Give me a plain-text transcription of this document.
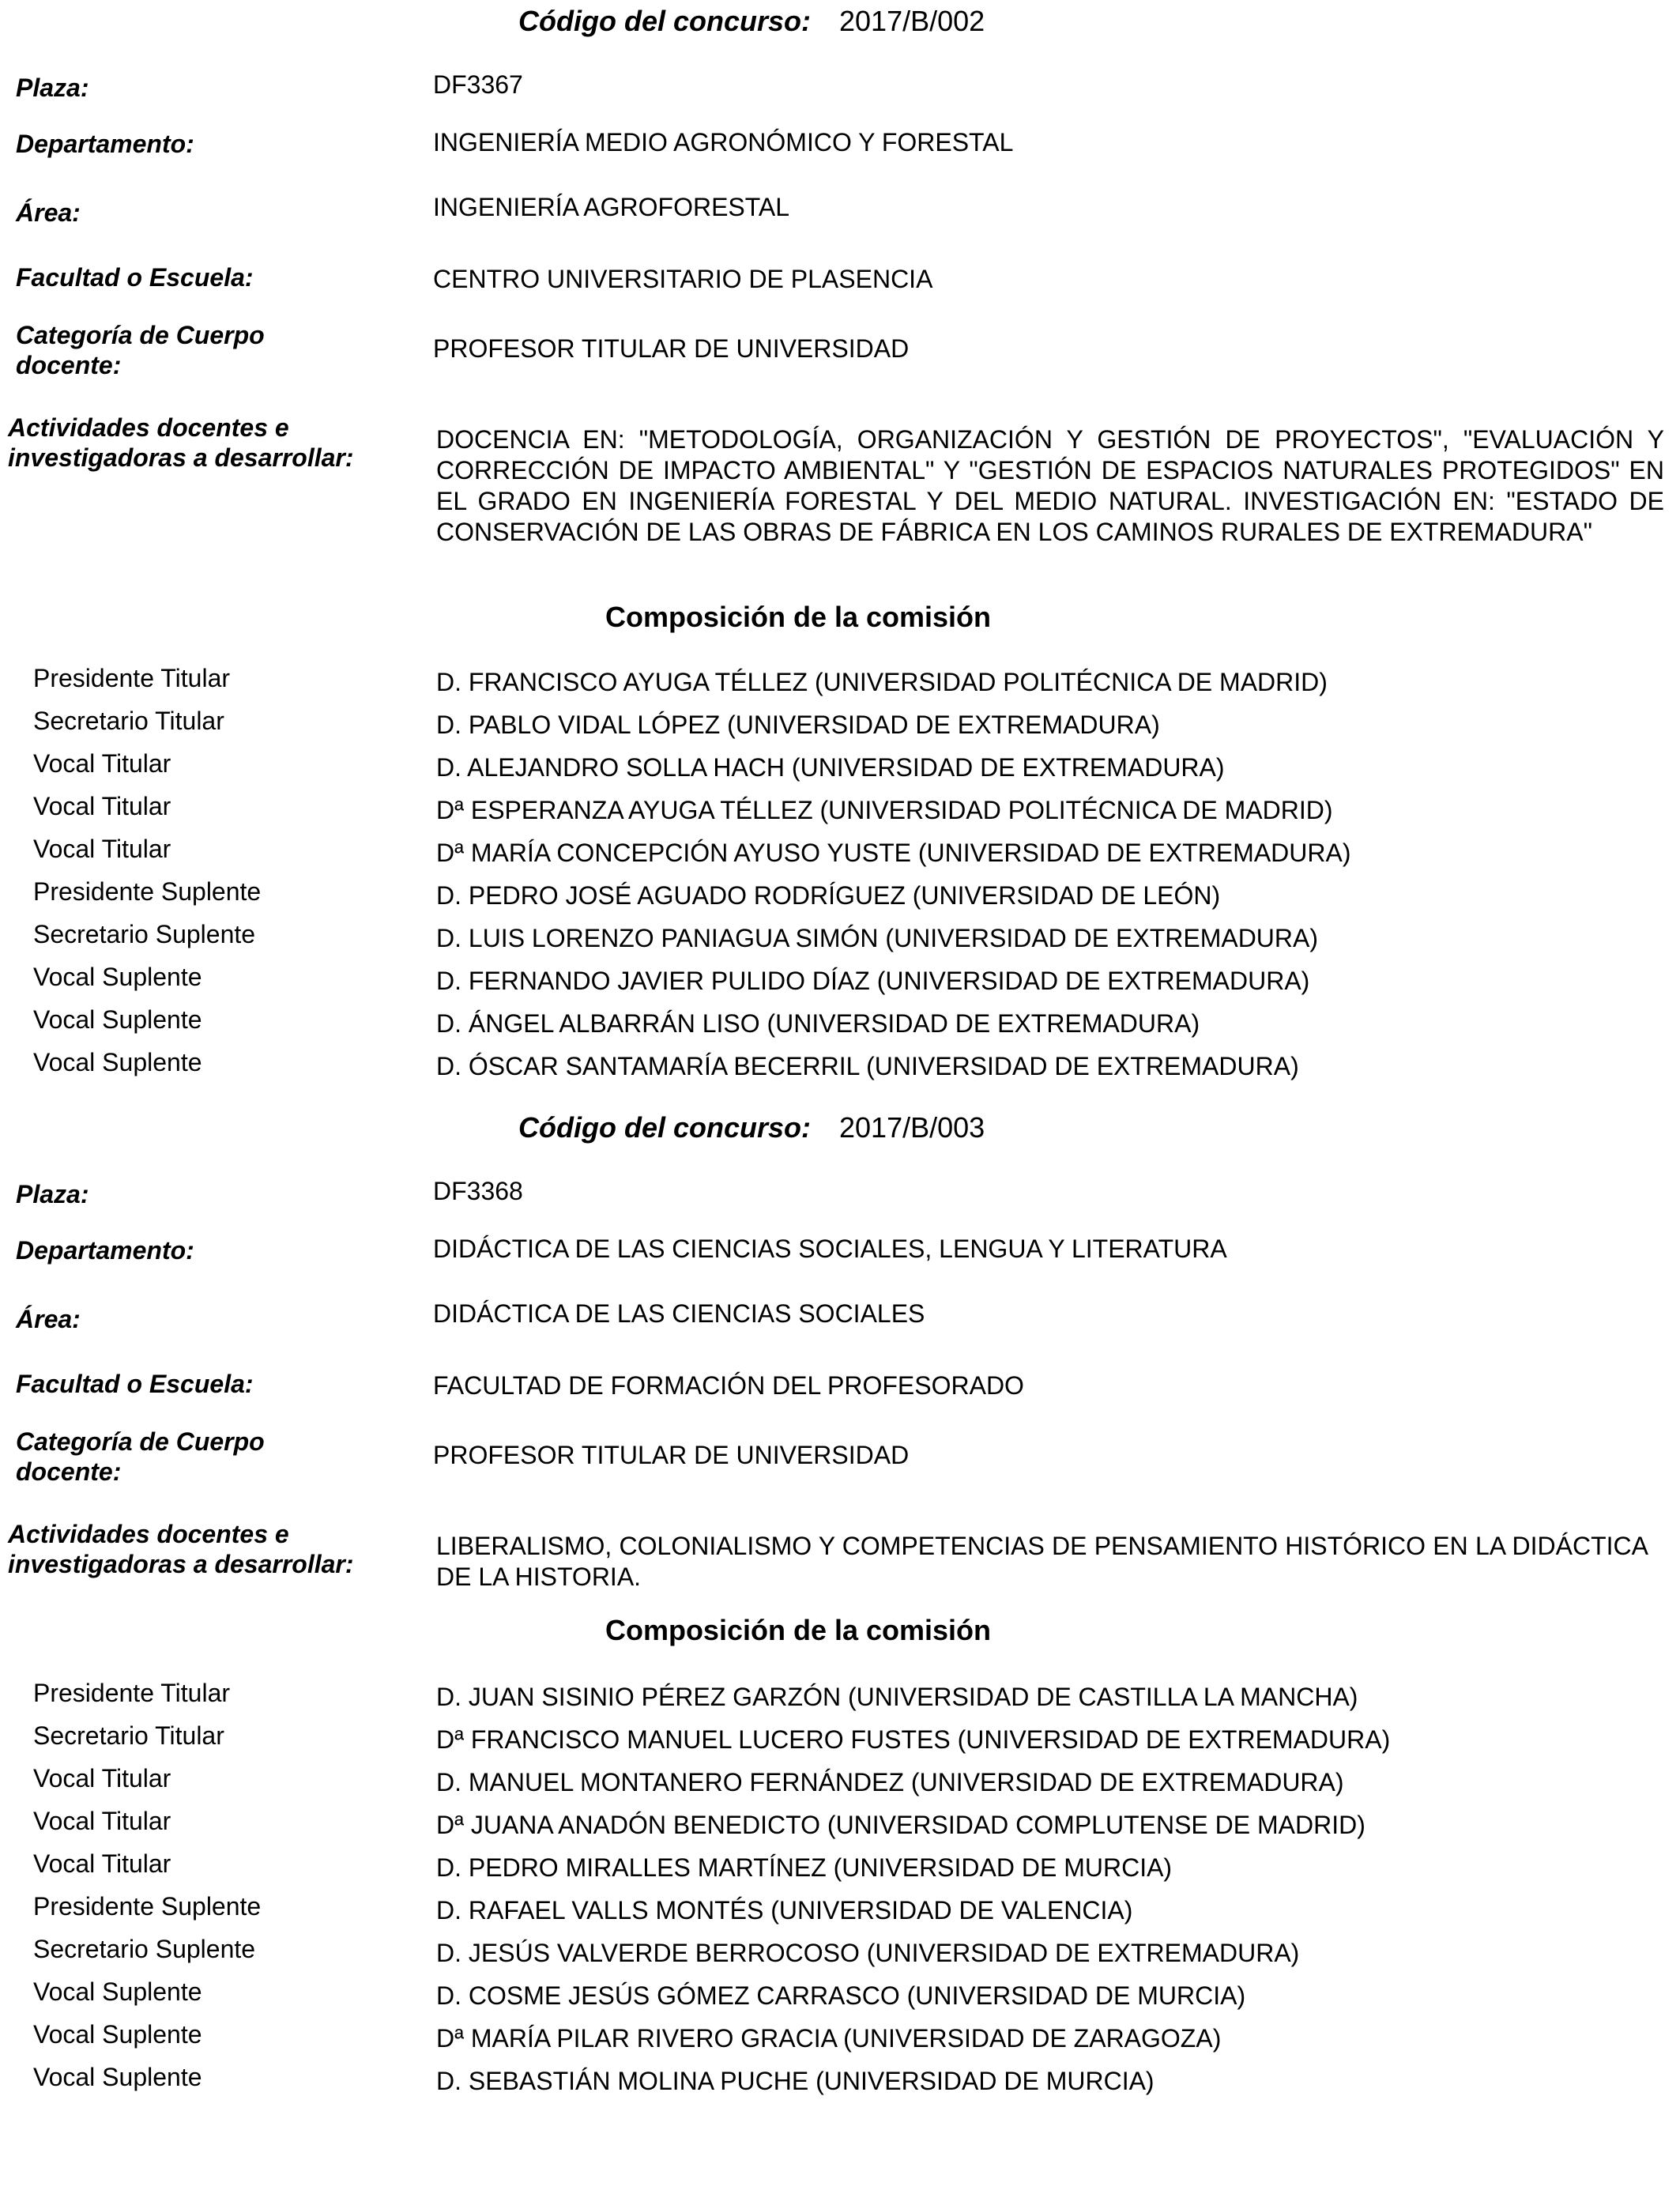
Código del concurso: 2017/B/002
Plaza:	DF3367
Departamento:	INGENIERÍA MEDIO AGRONÓMICO Y FORESTAL
Área:	INGENIERÍA AGROFORESTAL
Facultad o Escuela:	CENTRO UNIVERSITARIO DE PLASENCIA
Categoría de Cuerpo docente:
PROFESOR TITULAR DE UNIVERSIDAD
Actividades docentes e investigadoras a desarrollar:
DOCENCIA EN: "METODOLOGÍA, ORGANIZACIÓN Y GESTIÓN DE PROYECTOS", "EVALUACIÓN Y CORRECCIÓN DE IMPACTO AMBIENTAL" Y "GESTIÓN DE ESPACIOS NATURALES PROTEGIDOS" EN EL GRADO EN INGENIERÍA FORESTAL Y DEL MEDIO NATURAL. INVESTIGACIÓN EN: "ESTADO DE CONSERVACIÓN DE LAS OBRAS DE FÁBRICA EN LOS CAMINOS RURALES DE EXTREMADURA"
Composición de la comisión
Presidente Titular	D. FRANCISCO AYUGA TÉLLEZ (UNIVERSIDAD POLITÉCNICA DE MADRID)
Secretario Titular	D. PABLO VIDAL LÓPEZ (UNIVERSIDAD DE EXTREMADURA)
Vocal Titular	D. ALEJANDRO SOLLA HACH (UNIVERSIDAD DE EXTREMADURA)
Vocal Titular	Dª ESPERANZA AYUGA TÉLLEZ (UNIVERSIDAD POLITÉCNICA DE MADRID)
Vocal Titular	Dª MARÍA CONCEPCIÓN AYUSO YUSTE (UNIVERSIDAD DE EXTREMADURA)
Presidente Suplente	D. PEDRO JOSÉ AGUADO RODRÍGUEZ (UNIVERSIDAD DE LEÓN)
Secretario Suplente	D. LUIS LORENZO PANIAGUA SIMÓN (UNIVERSIDAD DE EXTREMADURA)
Vocal Suplente	D. FERNANDO JAVIER PULIDO DÍAZ (UNIVERSIDAD DE EXTREMADURA)
Vocal Suplente	D. ÁNGEL ALBARRÁN LISO (UNIVERSIDAD DE EXTREMADURA)
Vocal Suplente	D. ÓSCAR SANTAMARÍA BECERRIL (UNIVERSIDAD DE EXTREMADURA)
Código del concurso: 2017/B/003
Plaza:	DF3368
Departamento:	DIDÁCTICA DE LAS CIENCIAS SOCIALES, LENGUA Y LITERATURA
Área:	DIDÁCTICA DE LAS CIENCIAS SOCIALES
Facultad o Escuela:	FACULTAD DE FORMACIÓN DEL PROFESORADO
Categoría de Cuerpo docente:
PROFESOR TITULAR DE UNIVERSIDAD
Actividades docentes e investigadoras a desarrollar:
LIBERALISMO, COLONIALISMO Y COMPETENCIAS DE PENSAMIENTO HISTÓRICO EN LA DIDÁCTICA DE LA HISTORIA.
Composición de la comisión
Presidente Titular	D. JUAN SISINIO PÉREZ GARZÓN (UNIVERSIDAD DE CASTILLA LA MANCHA)
Secretario Titular	Dª FRANCISCO MANUEL LUCERO FUSTES (UNIVERSIDAD DE EXTREMADURA)
Vocal Titular	D. MANUEL MONTANERO FERNÁNDEZ (UNIVERSIDAD DE EXTREMADURA)
Vocal Titular	Dª JUANA ANADÓN BENEDICTO (UNIVERSIDAD COMPLUTENSE DE MADRID)
Vocal Titular	D. PEDRO MIRALLES MARTÍNEZ (UNIVERSIDAD DE MURCIA)
Presidente Suplente	D. RAFAEL VALLS MONTÉS (UNIVERSIDAD DE VALENCIA)
Secretario Suplente	D. JESÚS VALVERDE BERROCOSO (UNIVERSIDAD DE EXTREMADURA)
Vocal Suplente	D. COSME JESÚS GÓMEZ CARRASCO (UNIVERSIDAD DE MURCIA)
Vocal Suplente	Dª MARÍA PILAR RIVERO GRACIA (UNIVERSIDAD DE ZARAGOZA)
Vocal Suplente	D. SEBASTIÁN MOLINA PUCHE (UNIVERSIDAD DE MURCIA)
